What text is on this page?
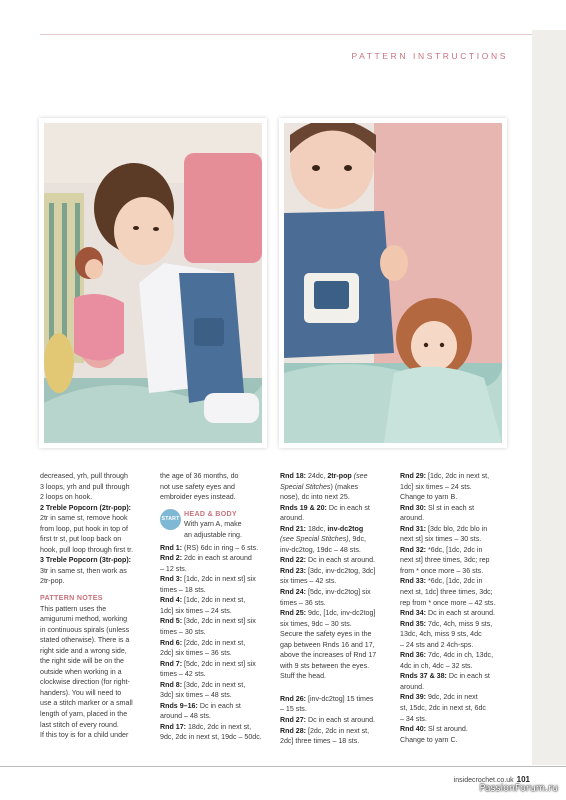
PATTERN INSTRUCTIONS

decreased, yrh, pull through

3 loops, yrh and pull through

2 loops on hook.

2 Treble Popcorn (2tr-pop):

2tr in same st, remove hook

from loop, put hook in top of

first tr st, put loop back on

hook, pull loop through first tr.

3 Treble Popcorn (3tr-pop):

3tr in same st, then work as

2tr-pop.

PATTERN NOTES

This pattern uses the

amigurumi method, working

in continuous spirals (unless

stated otherwise). There is a

right side and a wrong side,

the right side will be on the

outside when working in a

clockwise direction (for right-

handers). You will need to

use a stitch marker or a small

length of yarn, placed in the

last stitch of every round.

If this toy is for a child under

the age of 36 months, do

not use safety eyes and

embroider eyes instead.

START

HEAD & BODY

With yarn A, make

an adjustable ring.

Rnd 1: (RS) 6dc in ring – 6 sts.

Rnd 2: 2dc in each st around

– 12 sts.

Rnd 3: [1dc, 2dc in next st] six

times – 18 sts.

Rnd 4: [1dc, 2dc in next st,

1dc] six times – 24 sts.

Rnd 5: [3dc, 2dc in next st] six

times – 30 sts.

Rnd 6: [2dc, 2dc in next st,

2dc] six times – 36 sts.

Rnd 7: [5dc, 2dc in next st] six

times – 42 sts.

Rnd 8: [3dc, 2dc in next st,

3dc] six times – 48 sts.

Rnds 9–16: Dc in each st

around – 48 sts.

Rnd 17: 18dc, 2dc in next st,

9dc, 2dc in next st, 19dc – 50dc.

Rnd 18: 24dc, 2tr-pop (see

Special Stitches) (makes

nose), dc into next 25.

Rnds 19 & 20: Dc in each st

around.

Rnd 21: 18dc, inv-dc2tog

(see Special Stitches), 9dc,

inv-dc2tog, 19dc – 48 sts.

Rnd 22: Dc in each st around.

Rnd 23: [3dc, inv-dc2tog, 3dc]

six times – 42 sts.

Rnd 24: [5dc, inv-dc2tog] six

times – 36 sts.

Rnd 25: 9dc, [1dc, inv-dc2tog]

six times, 9dc – 30 sts.

Secure the safety eyes in the

gap between Rnds 16 and 17,

above the increases of Rnd 17

with 9 sts between the eyes.

Stuff the head.

Rnd 26: [inv-dc2tog] 15 times

– 15 sts.

Rnd 27: Dc in each st around.

Rnd 28: [2dc, 2dc in next st,

2dc] three times – 18 sts.

Rnd 29: [1dc, 2dc in next st,

1dc] six times – 24 sts.

Change to yarn B.

Rnd 30: Sl st in each st

around.

Rnd 31: [3dc blo, 2dc blo in

next st] six times – 30 sts.

Rnd 32: *6dc, [1dc, 2dc in

next st] three times, 3dc; rep

from * once more – 36 sts.

Rnd 33: *6dc, [1dc, 2dc in

next st, 1dc] three times, 3dc;

rep from * once more – 42 sts.

Rnd 34: Dc in each st around.

Rnd 35: 7dc, 4ch, miss 9 sts,

13dc, 4ch, miss 9 sts, 4dc

– 24 sts and 2 4ch-sps.

Rnd 36: 7dc, 4dc in ch, 13dc,

4dc in ch, 4dc – 32 sts.

Rnds 37 & 38: Dc in each st

around.

Rnd 39: 9dc, 2dc in next

st, 15dc, 2dc in next st, 6dc

– 34 sts.

Rnd 40: Sl st around.

Change to yarn C.

insidecrochet.co.uk 101
PassionForum.ru
